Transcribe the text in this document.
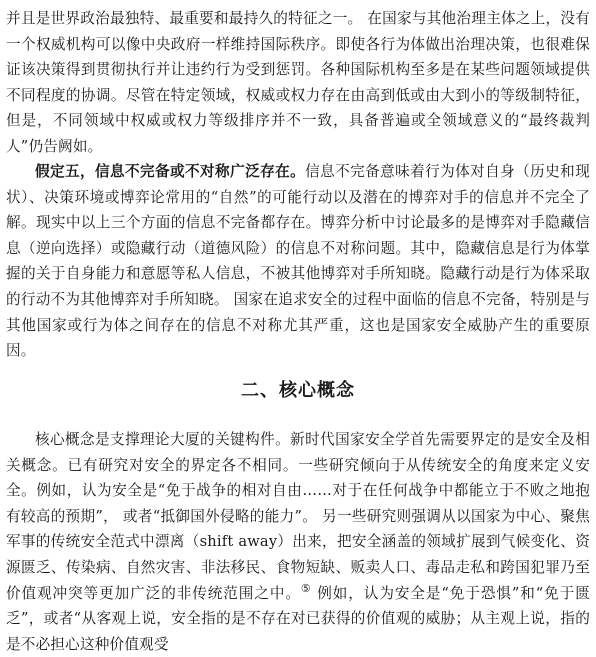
并且是世界政治最独特、最重要和最持久的特征之一。 在国家与其他治理主体之上，没有一个权威机构可以像中央政府一样维持国际秩序。即使各行为体做出治理决策，也很难保证该决策得到贯彻执行并让违约行为受到惩罚。各种国际机构至多是在某些问题领域提供不同程度的协调。尽管在特定领域，权威或权力存在由高到低或由大到小的等级制特征，但是，不同领域中权威或权力等级排序并不一致，具备普遍或全领域意义的“最终裁判人”仍告阙如。

假定五，信息不完备或不对称广泛存在。信息不完备意味着行为体对自身（历史和现状）、决策环境或博弈论常用的“自然”的可能行动以及潜在的博弈对手的信息并不完全了解。现实中以上三个方面的信息不完备都存在。博弈分析中讨论最多的是博弈对手隐藏信息（逆向选择）或隐藏行动（道德风险）的信息不对称问题。其中，隐藏信息是行为体掌握的关于自身能力和意愿等私人信息，不被其他博弈对手所知晓。隐藏行动是行为体采取的行动不为其他博弈对手所知晓。 国家在追求安全的过程中面临的信息不完备，特别是与其他国家或行为体之间存在的信息不对称尤其严重，这也是国家安全威胁产生的重要原因。

二、核心概念

核心概念是支撑理论大厦的关键构件。新时代国家安全学首先需要界定的是安全及相关概念。已有研究对安全的界定各不相同。一些研究倾向于从传统安全的角度来定义安全。例如，认为安全是“免于战争的相对自由……对于在任何战争中都能立于不败之地抱有较高的预期”， 或者“抵御国外侵略的能力”。 另一些研究则强调从以国家为中心、聚焦军事的传统安全范式中漂离（shift away）出来，把安全涵盖的领域扩展到气候变化、资源匮乏、传染病、自然灾害、非法移民、食物短缺、贩卖人口、毒品走私和跨国犯罪乃至价值观冲突等更加广泛的非传统范围之中。⑤ 例如，认为安全是“免于恐惧”和“免于匮乏”，或者“从客观上说，安全指的是不存在对已获得的价值观的威胁；从主观上说，指的是不必担心这种价值观受
